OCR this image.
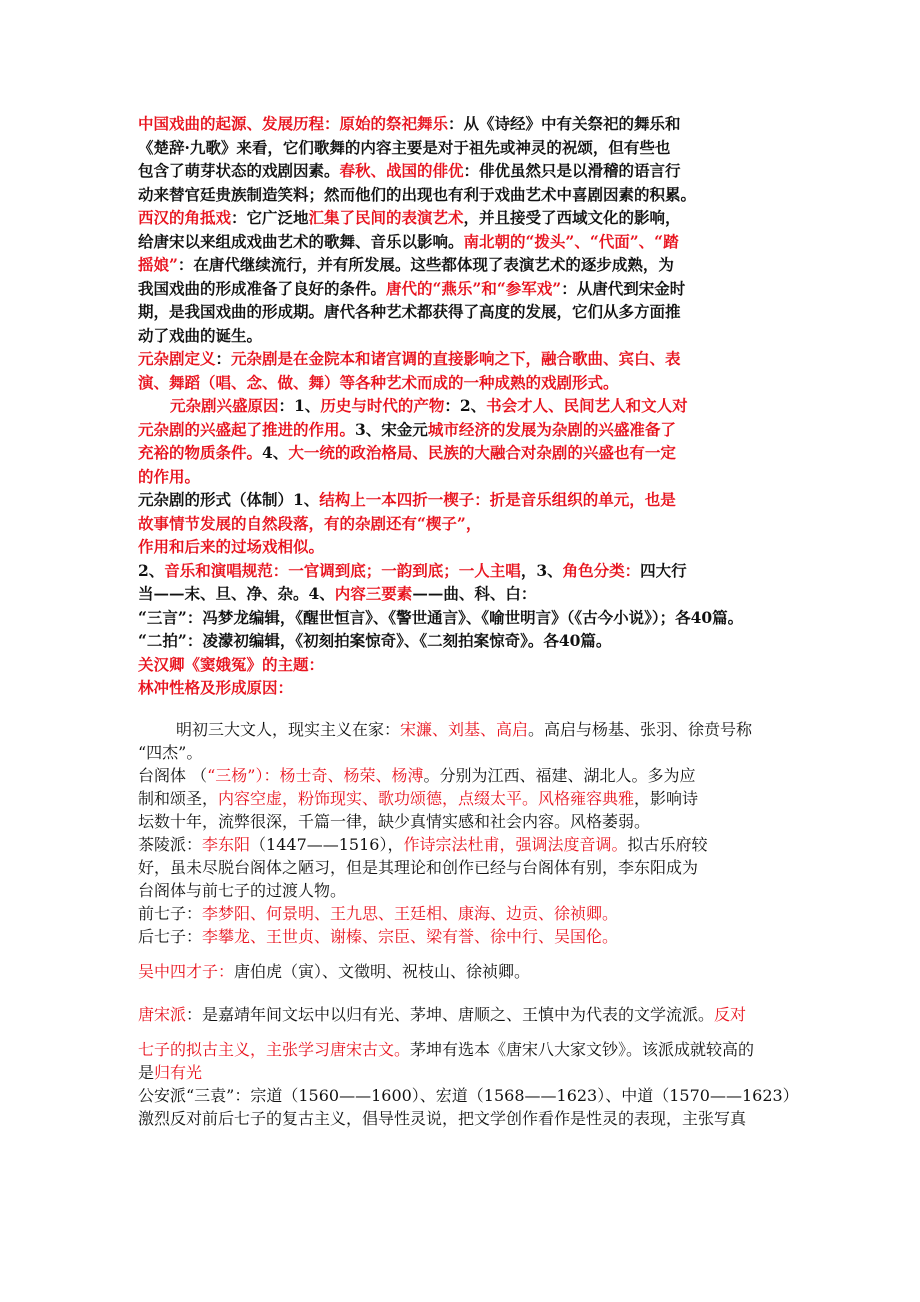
中国戏曲的起源、发展历程：原始的祭祀舞乐：从《诗经》中有关祭祀的舞乐和
《楚辞·九歌》来看，它们歌舞的内容主要是对于祖先或神灵的祝颂，但有些也
包含了萌芽状态的戏剧因素。春秋、战国的俳优：俳优虽然只是以滑稽的语言行
动来替官廷贵族制造笑料；然而他们的出现也有利于戏曲艺术中喜剧因素的积累。
西汉的角抵戏：它广泛地汇集了民间的表演艺术，并且接受了西域文化的影响，
给唐宋以来组成戏曲艺术的歌舞、音乐以影响。南北朝的“拨头”、“代面”、“踏
摇娘”：在唐代继续流行，并有所发展。这些都体现了表演艺术的逐步成熟，为
我国戏曲的形成准备了良好的条件。唐代的“燕乐”和“参军戏”：从唐代到宋金时
期，是我国戏曲的形成期。唐代各种艺术都获得了高度的发展，它们从多方面推
动了戏曲的诞生。
元杂剧定义：元杂剧是在金院本和诸宫调的直接影响之下，融合歌曲、宾白、表
演、舞蹈（唱、念、做、舞）等各种艺术而成的一种成熟的戏剧形式。
元杂剧兴盛原因：1、历史与时代的产物：2、书会才人、民间艺人和文人对
元杂剧的兴盛起了推进的作用。3、宋金元城市经济的发展为杂剧的兴盛准备了
充裕的物质条件。4、大一统的政治格局、民族的大融合对杂剧的兴盛也有一定
的作用。
元杂剧的形式（体制）1、结构上一本四折一楔子：折是音乐组织的单元，也是
故事情节发展的自然段落，有的杂剧还有“楔子”，
作用和后来的过场戏相似。
2、音乐和演唱规范：一官调到底；一韵到底；一人主唱，3、角色分类：四大行
当——末、旦、净、杂。4、内容三要素——曲、科、白：
“三言”：冯梦龙编辑，《醒世恒言》、《警世通言》、《喻世明言》（《古今小说》）；各40篇。
“二拍”：凌濛初编辑，《初刻拍案惊奇》、《二刻拍案惊奇》。各40篇。
关汉卿《窦娥冤》的主题：
林冲性格及形成原因：
明初三大文人，现实主义在家：宋濂、刘基、高启。高启与杨基、张羽、徐贲号称
“四杰”。
台阁体 （“三杨”）：杨士奇、杨荣、杨溥。分别为江西、福建、湖北人。多为应
制和颂圣，内容空虚，粉饰现实、歌功颂德，点缀太平。风格雍容典雅，影响诗
坛数十年，流弊很深，千篇一律，缺少真情实感和社会内容。风格萎弱。
茶陵派：李东阳（1447——1516），作诗宗法杜甫，强调法度音调。拟古乐府较
好，虽未尽脱台阁体之陋习，但是其理论和创作已经与台阁体有别，李东阳成为
台阁体与前七子的过渡人物。
前七子：李梦阳、何景明、王九思、王廷相、康海、边贡、徐祯卿。
后七子：李攀龙、王世贞、谢榛、宗臣、梁有誉、徐中行、吴国伦。
吴中四才子：唐伯虎（寅）、文徵明、祝枝山、徐祯卿。
唐宋派：是嘉靖年间文坛中以归有光、茅坤、唐顺之、王慎中为代表的文学流派。反对
七子的拟古主义，主张学习唐宋古文。茅坤有选本《唐宋八大家文钞》。该派成就较高的
是归有光
公安派“三袁”：宗道（1560——1600）、宏道（1568——1623）、中道（1570——1623）
激烈反对前后七子的复古主义，倡导性灵说，把文学创作看作是性灵的表现，主张写真
